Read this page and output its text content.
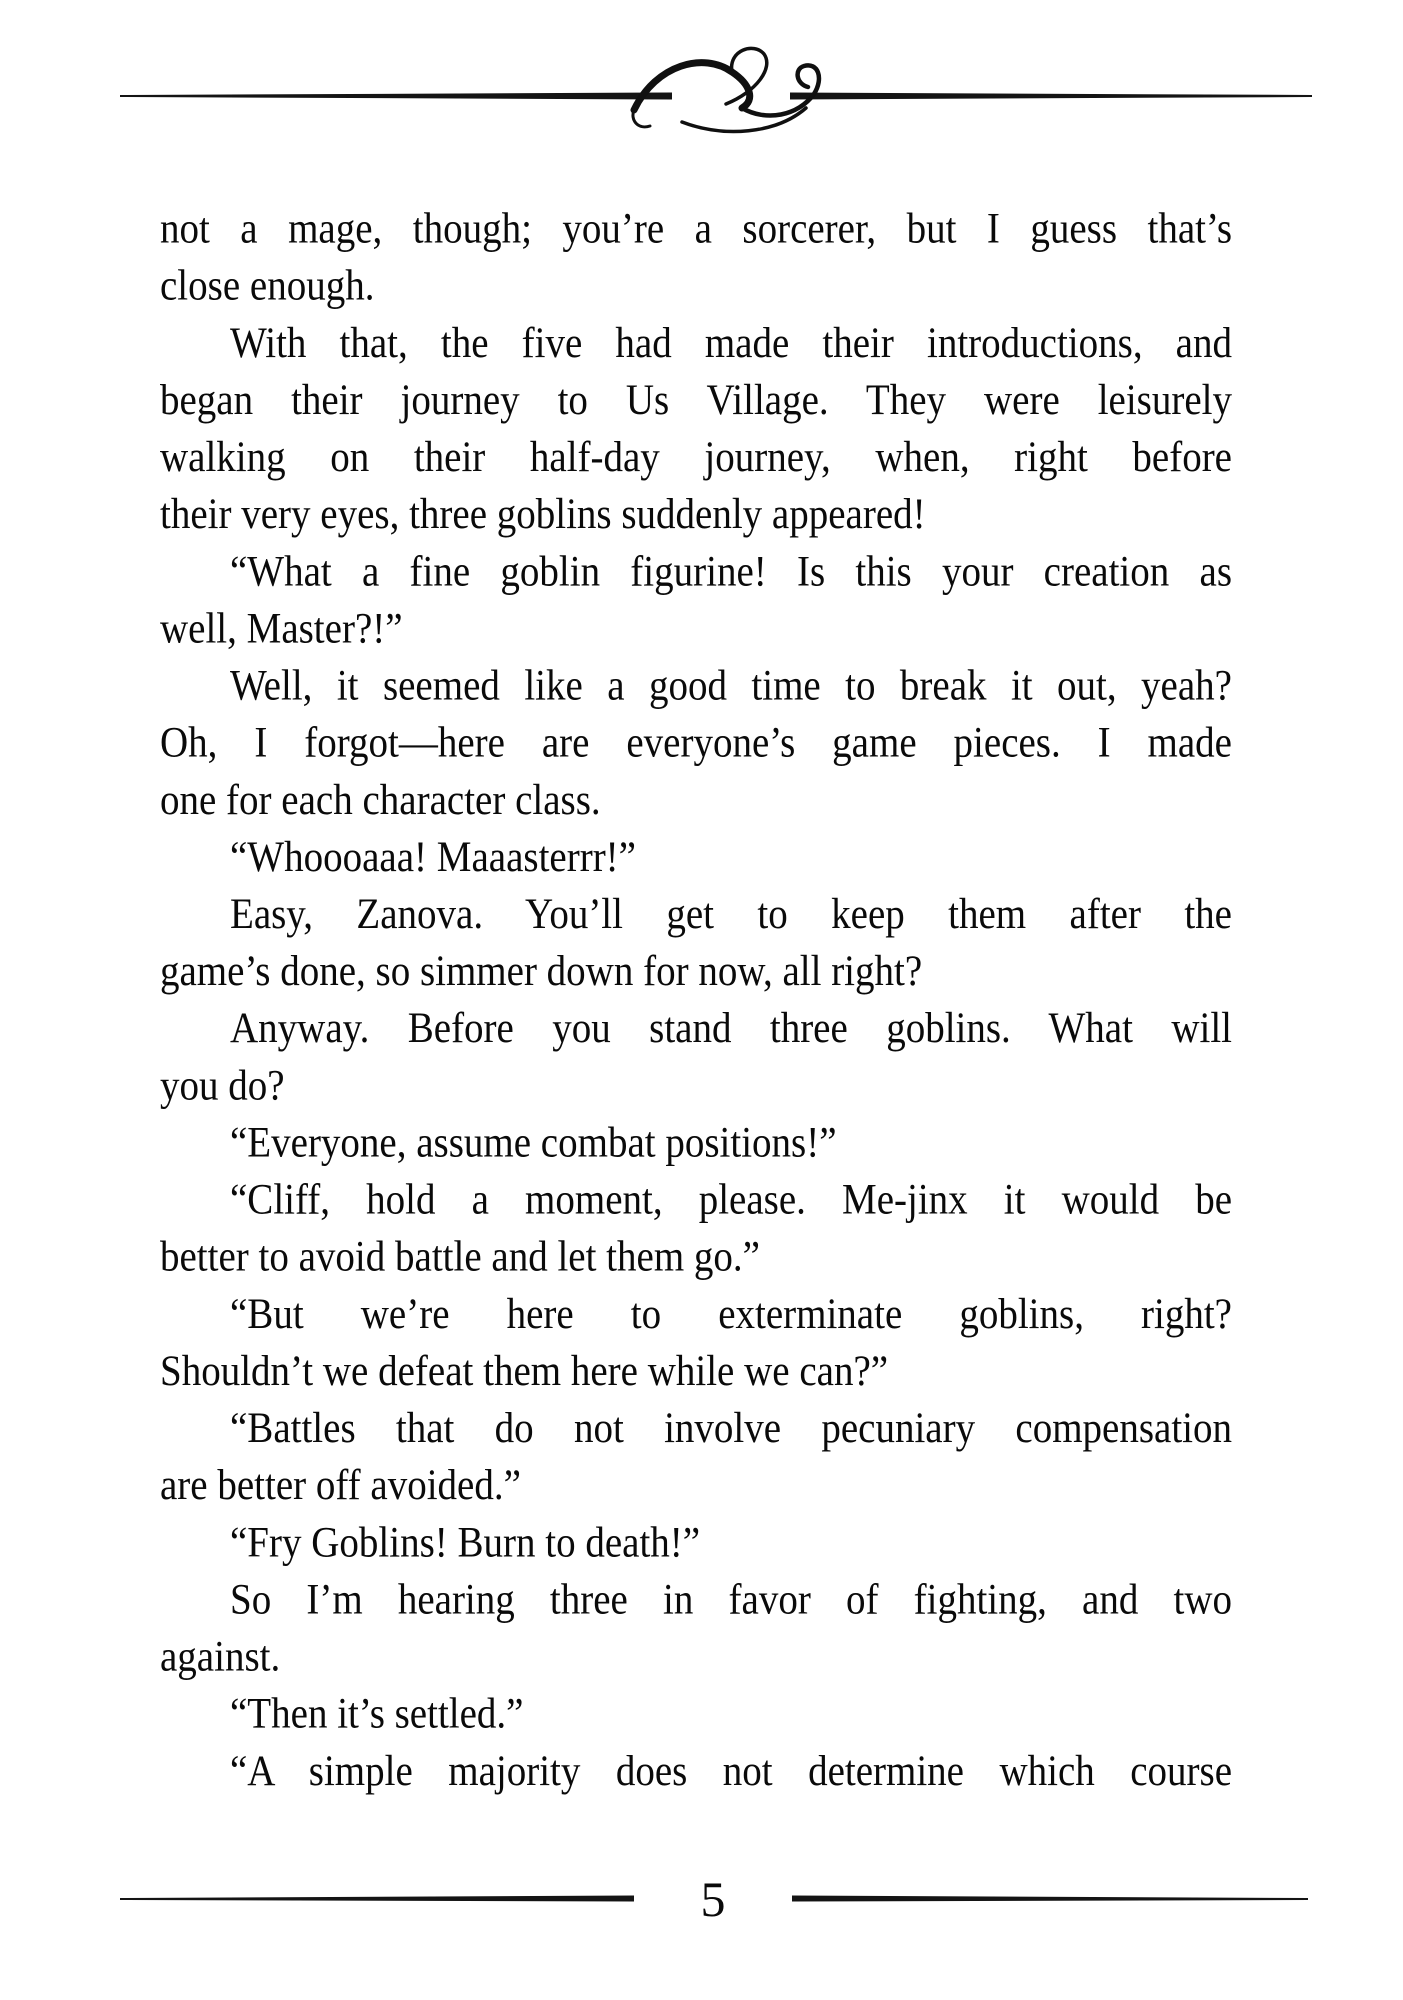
not a mage, though; you’re a sorcerer, but I guess that’s
close enough.
With that, the five had made their introductions, and
began their journey to Us Village. They were leisurely
walking on their half-day journey, when, right before
their very eyes, three goblins suddenly appeared!
“What a fine goblin figurine! Is this your creation as
well, Master?!”
Well, it seemed like a good time to break it out, yeah?
Oh, I forgot—here are everyone’s game pieces. I made
one for each character class.
“Whoooaaa! Maaasterrr!”
Easy, Zanova. You’ll get to keep them after the
game’s done, so simmer down for now, all right?
Anyway. Before you stand three goblins. What will
you do?
“Everyone, assume combat positions!”
“Cliff, hold a moment, please. Me-jinx it would be
better to avoid battle and let them go.”
“But we’re here to exterminate goblins, right?
Shouldn’t we defeat them here while we can?”
“Battles that do not involve pecuniary compensation
are better off avoided.”
“Fry Goblins! Burn to death!”
So I’m hearing three in favor of fighting, and two
against.
“Then it’s settled.”
“A simple majority does not determine which course
5
